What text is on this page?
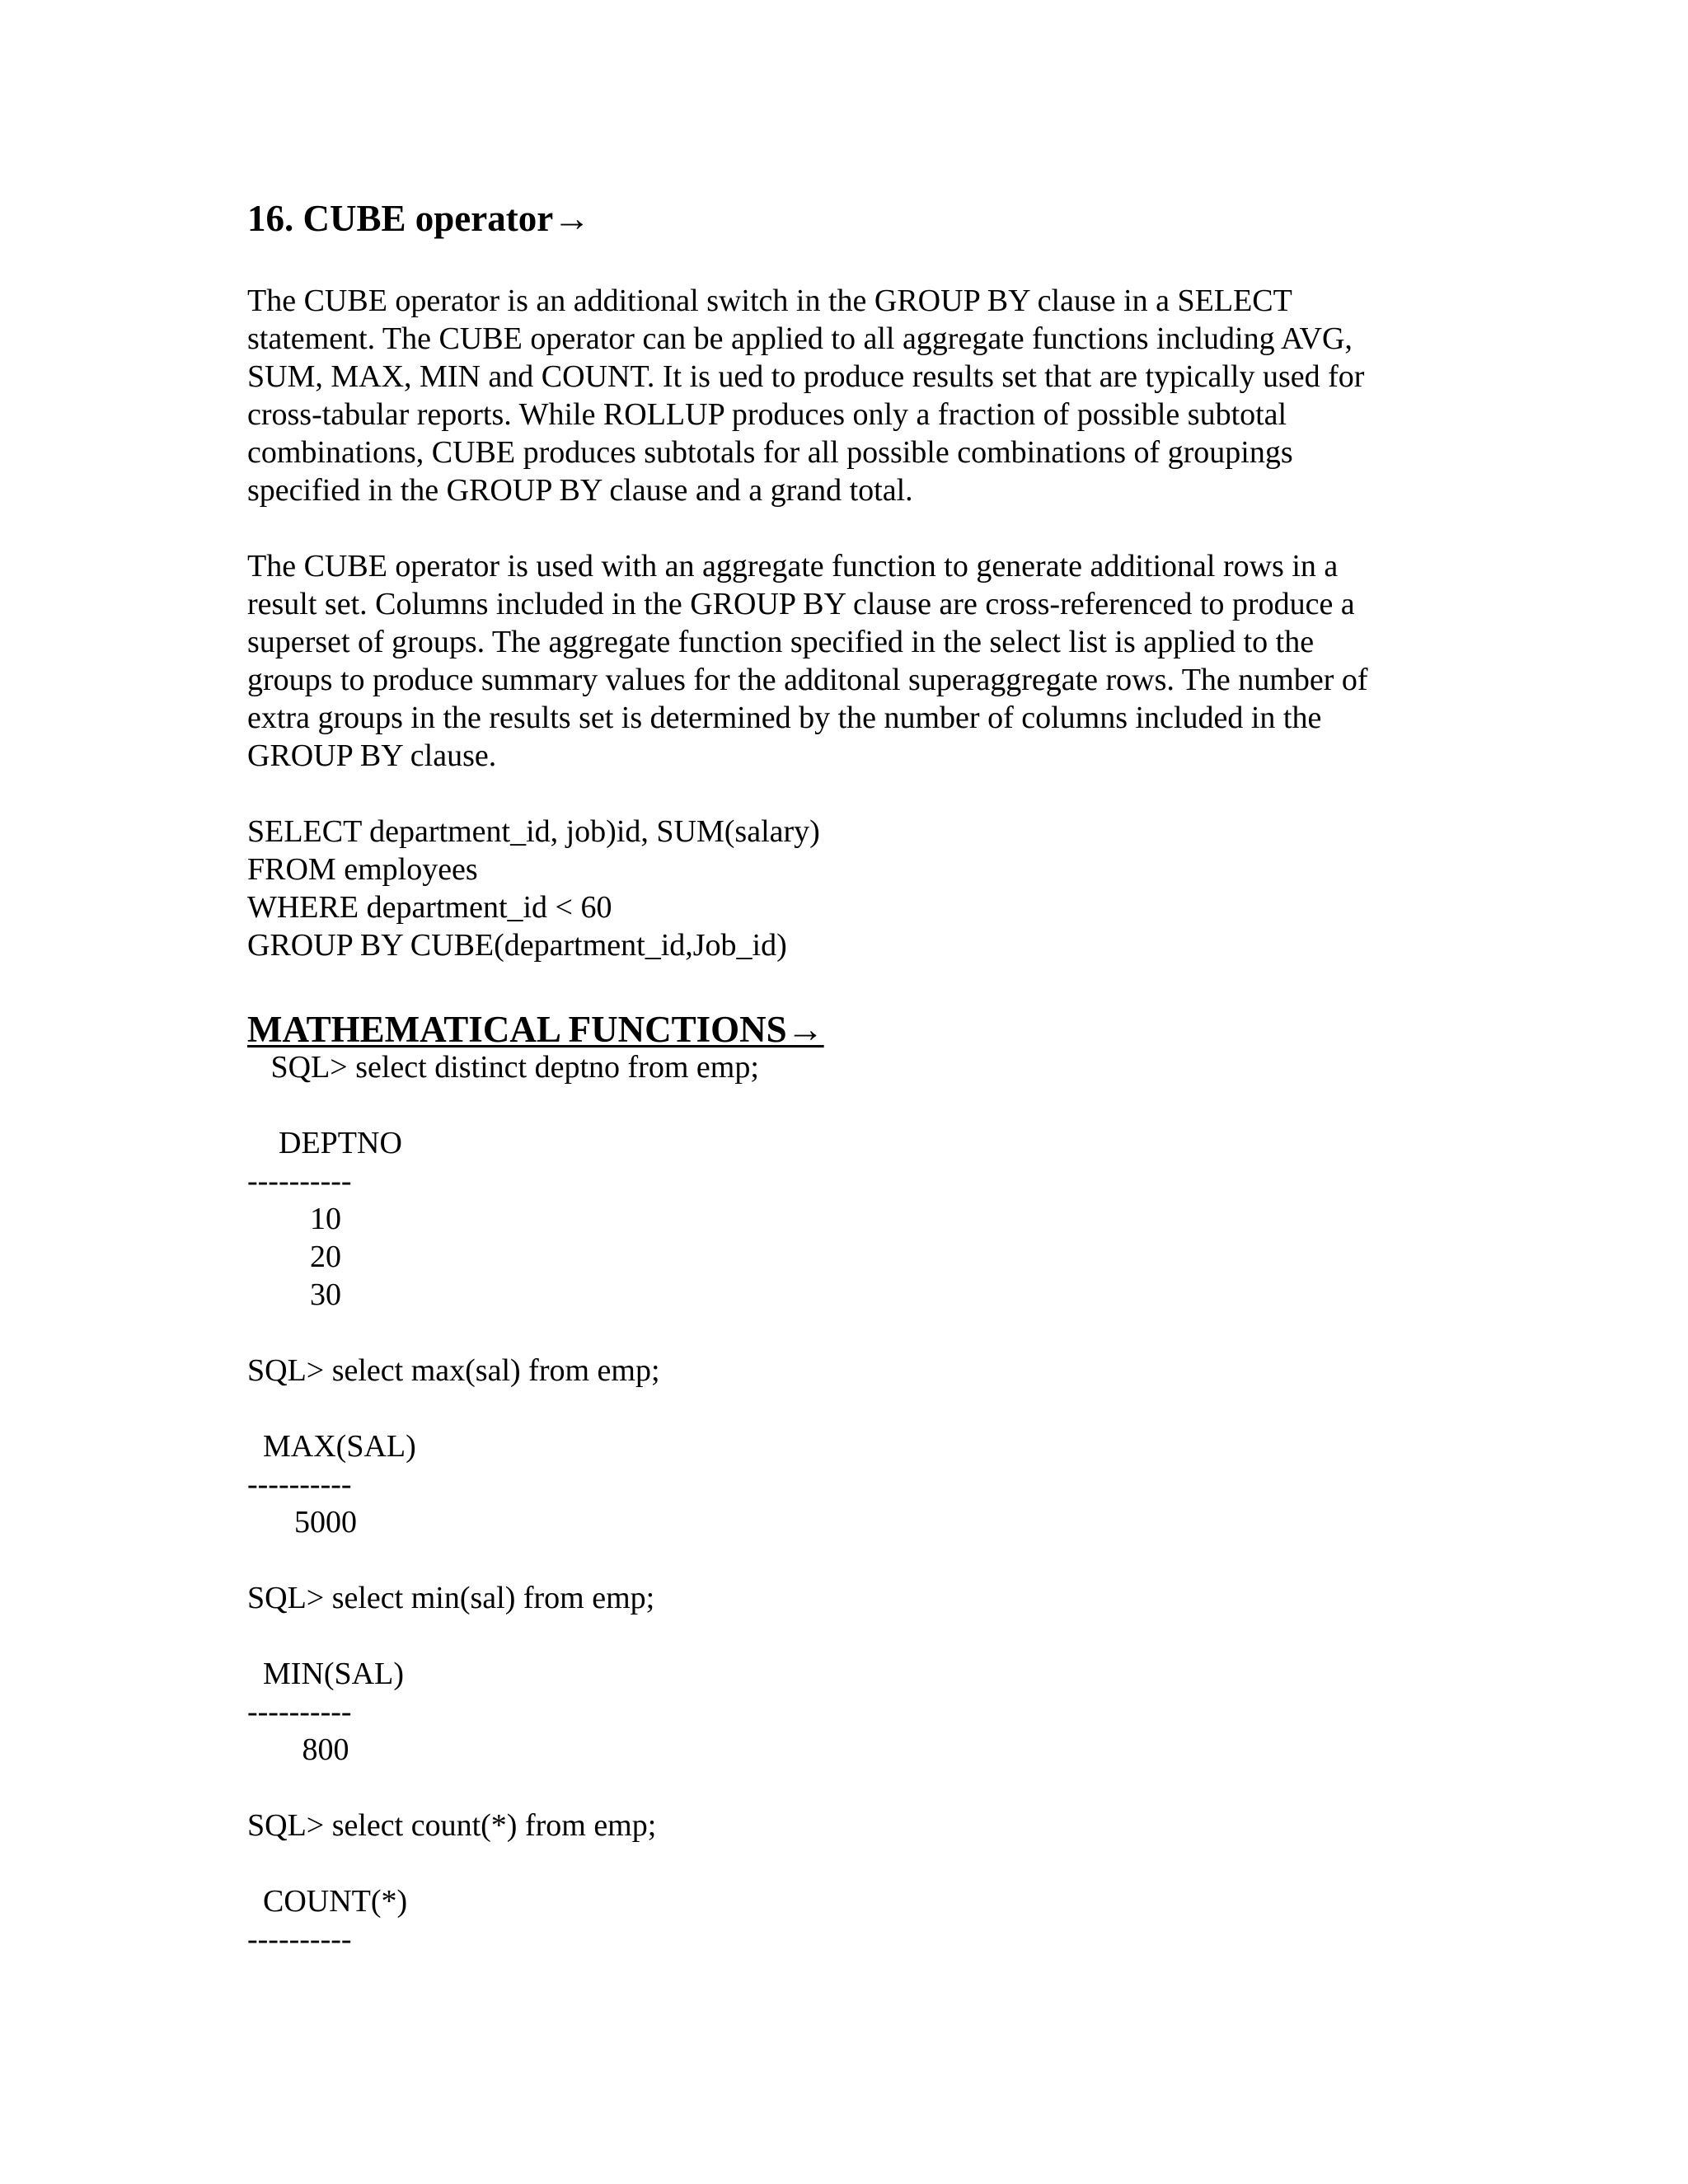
16. CUBE operator→

The CUBE operator is an additional switch in the GROUP BY clause in a SELECT
statement. The CUBE operator can be applied to all aggregate functions including AVG,
SUM, MAX, MIN and COUNT. It is ued to produce results set that are typically used for
cross-tabular reports. While ROLLUP produces only a fraction of possible subtotal
combinations, CUBE produces subtotals for all possible combinations of groupings
specified in the GROUP BY clause and a grand total.

The CUBE operator is used with an aggregate function to generate additional rows in a
result set. Columns included in the GROUP BY clause are cross-referenced to produce a
superset of groups. The aggregate function specified in the select list is applied to the
groups to produce summary values for the additonal superaggregate rows. The number of
extra groups in the results set is determined by the number of columns included in the
GROUP BY clause.

SELECT department_id, job)id, SUM(salary)
FROM employees
WHERE department_id < 60
GROUP BY CUBE(department_id,Job_id)
MATHEMATICAL FUNCTIONS→
SQL> select distinct deptno from emp;
DEPTNO
----------
10
20
30
SQL> select max(sal) from emp;
MAX(SAL)
----------
5000
SQL> select min(sal) from emp;
MIN(SAL)
----------
800
SQL> select count(*) from emp;
COUNT(*)
----------
